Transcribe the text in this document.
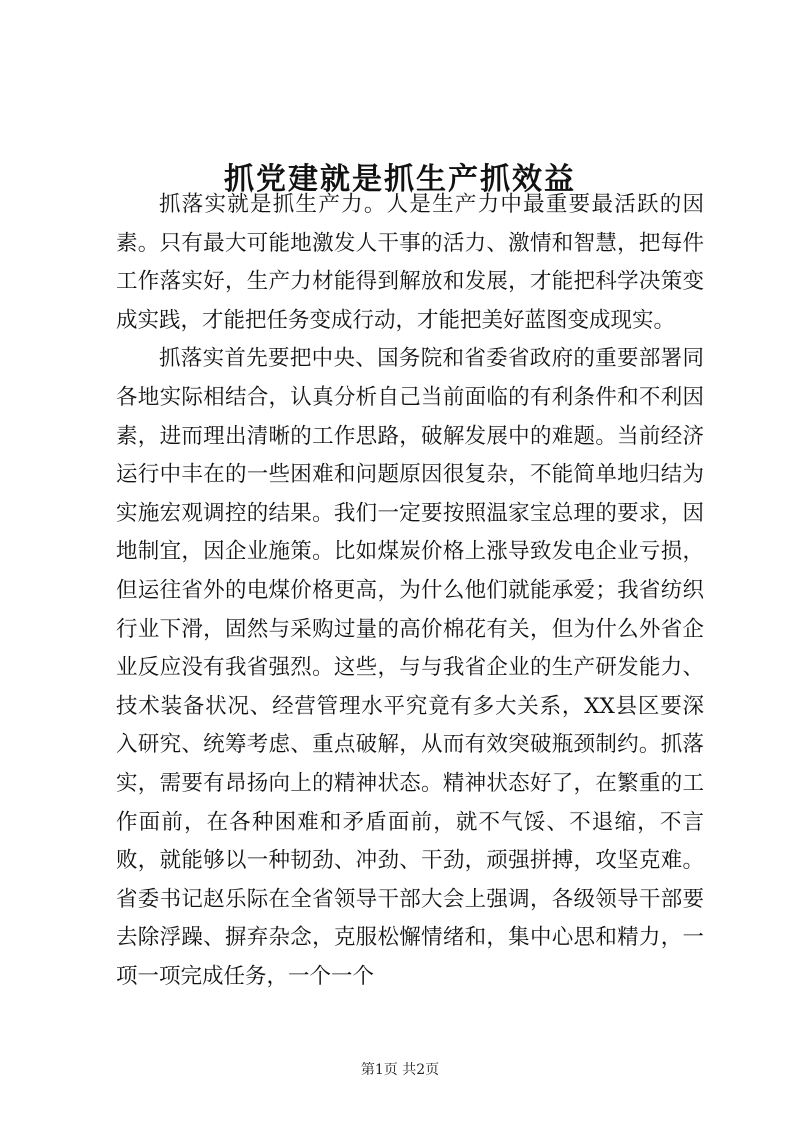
抓党建就是抓生产抓效益

抓落实就是抓生产力。人是生产力中最重要最活跃的因素。只有最大可能地激发人干事的活力、激情和智慧，把每件工作落实好，生产力材能得到解放和发展，才能把科学决策变成实践，才能把任务变成行动，才能把美好蓝图变成现实。

抓落实首先要把中央、国务院和省委省政府的重要部署同各地实际相结合，认真分析自己当前面临的有利条件和不利因素，进而理出清晰的工作思路，破解发展中的难题。当前经济运行中丰在的一些困难和问题原因很复杂，不能简单地归结为实施宏观调控的结果。我们一定要按照温家宝总理的要求，因地制宜，因企业施策。比如煤炭价格上涨导致发电企业亏损，但运往省外的电煤价格更高，为什么他们就能承爱；我省纺织行业下滑，固然与采购过量的高价棉花有关，但为什么外省企业反应没有我省强烈。这些，与与我省企业的生产研发能力、技术装备状况、经营管理水平究竟有多大关系，XX县区要深入研究、统筹考虑、重点破解，从而有效突破瓶颈制约。抓落实，需要有昂扬向上的精神状态。精神状态好了，在繁重的工作面前，在各种困难和矛盾面前，就不气馁、不退缩，不言败，就能够以一种韧劲、冲劲、干劲，顽强拼搏，攻坚克难。省委书记赵乐际在全省领导干部大会上强调，各级领导干部要去除浮躁、摒弃杂念，克服松懈情绪和，集中心思和精力，一项一项完成任务，一个一个

第1页 共2页
